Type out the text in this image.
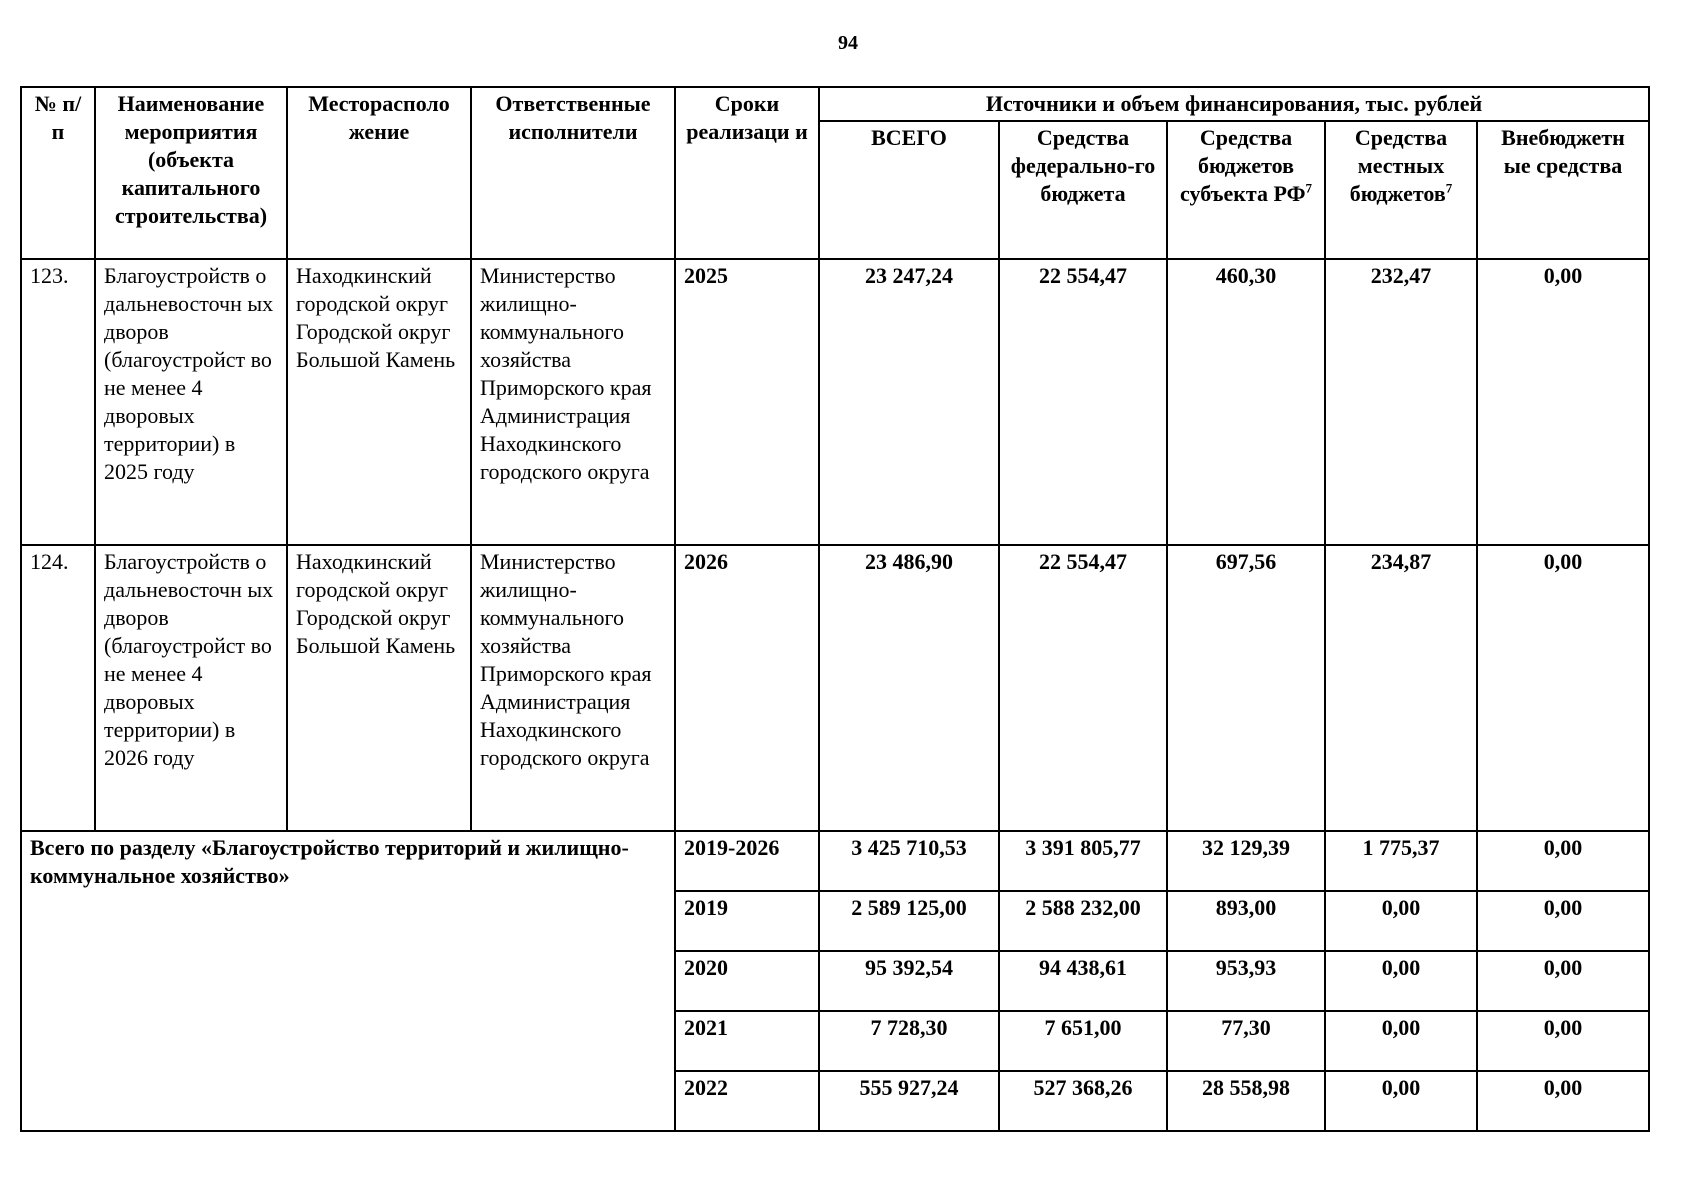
94
№ п/п	Наименование мероприятия (объекта капитального строительства)	Месторасполо жение	Ответственные исполнители	Сроки реализаци и	Источники и объем финансирования, тыс. рублей				
					ВСЕГО	Средства федерально-го бюджета	Средства бюджетов субъекта $РФ^7$	Средства местных бюджетов$^7$	Внебюджетн ые средства
123.	Благоустройств о дальневосточн ых дворов (благоустройст во не менее 4 дворовых территории) в 2025 году	Находкинский городской округ Городской округ Большой Камень	Министерство жилищно-коммунального хозяйства Приморского края Администрация Находкинского городского округа	2025	23 247,24	22 554,47	460,30	232,47	0,00
124.	Благоустройств о дальневосточн ых дворов (благоустройст во не менее 4 дворовых территории) в 2026 году	Находкинский городской округ Городской округ Большой Камень	Министерство жилищно-коммунального хозяйства Приморского края Администрация Находкинского городского округа	2026	23 486,90	22 554,47	697,56	234,87	0,00
Всего по разделу «Благоустройство территорий и жилищно-коммунальное хозяйство»				2019-2026	3 425 710,53	3 391 805,77	32 129,39	1 775,37	0,00
				2019	2 589 125,00	2 588 232,00	893,00	0,00	0,00
				2020	95 392,54	94 438,61	953,93	0,00	0,00
				2021	7 728,30	7 651,00	77,30	0,00	0,00
				2022	555 927,24	527 368,26	28 558,98	0,00	0,00
